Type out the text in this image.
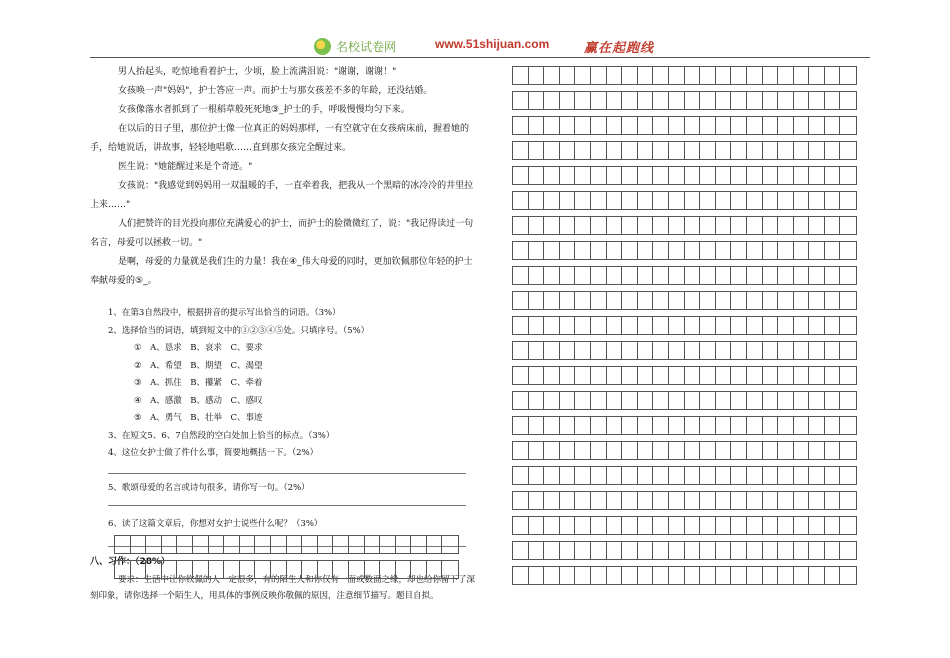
名校试卷网	www.51shijuan.com	赢在起跑线

男人抬起头，吃惊地看着护士，少顷，脸上流满泪说："谢谢，谢谢！"

女孩唤一声"妈妈"，护士答应一声。而护士与那女孩差不多的年龄，还没结婚。

女孩像落水者抓到了一根稻草般死死地③_护士的手，呼吸慢慢均匀下来。

在以后的日子里，那位护士像一位真正的妈妈那样，一有空就守在女孩病床前，握着她的手，给她说话，讲故事，轻轻地唱歌……直到那女孩完全醒过来。

医生说："她能醒过来是个奇迹。"

女孩说："我感觉到妈妈用一双温暖的手，一直牵着我，把我从一个黑暗的冰冷冷的井里拉上来……"

人们把赞许的目光投向那位充满爱心的护士，而护士的脸微微红了，说："我记得读过一句名言，母爱可以拯救一切。"

是啊，母爱的力量就是我们生的力量！我在④_伟大母爱的同时，更加钦佩那位年轻的护士奉献母爱的⑤_。

1、在第3自然段中，根据拼音的提示写出恰当的词语。（3%）

2、选择恰当的词语，填到短文中的①②③④⑤处。只填序号。（5%）

①　A、恳求　B、哀求　C、要求
②　A、希望　B、期望　C、渴望
③　A、抓住　B、攥紧　C、牵着
④　A、感激　B、感动　C、感叹
⑤　A、勇气　B、壮举　C、事迹

3、在短文5、6、7自然段的空白处加上恰当的标点。（3%）

4、这位女护士做了件什么事，简要地概括一下。（2%）

5、歌颂母爱的名言或诗句很多，请你写一句。（2%）

6、读了这篇文章后，你想对女护士说些什么呢？（3%）

八、习作：（28%）

要求：生活中让你钦佩的人一定很多，有的陌生人和你仅有一面或数面之缘，却也给你留下了深刻印象，请你选择一个陌生人，用具体的事例反映你敬佩的原因，注意细节描写。题目自拟。
